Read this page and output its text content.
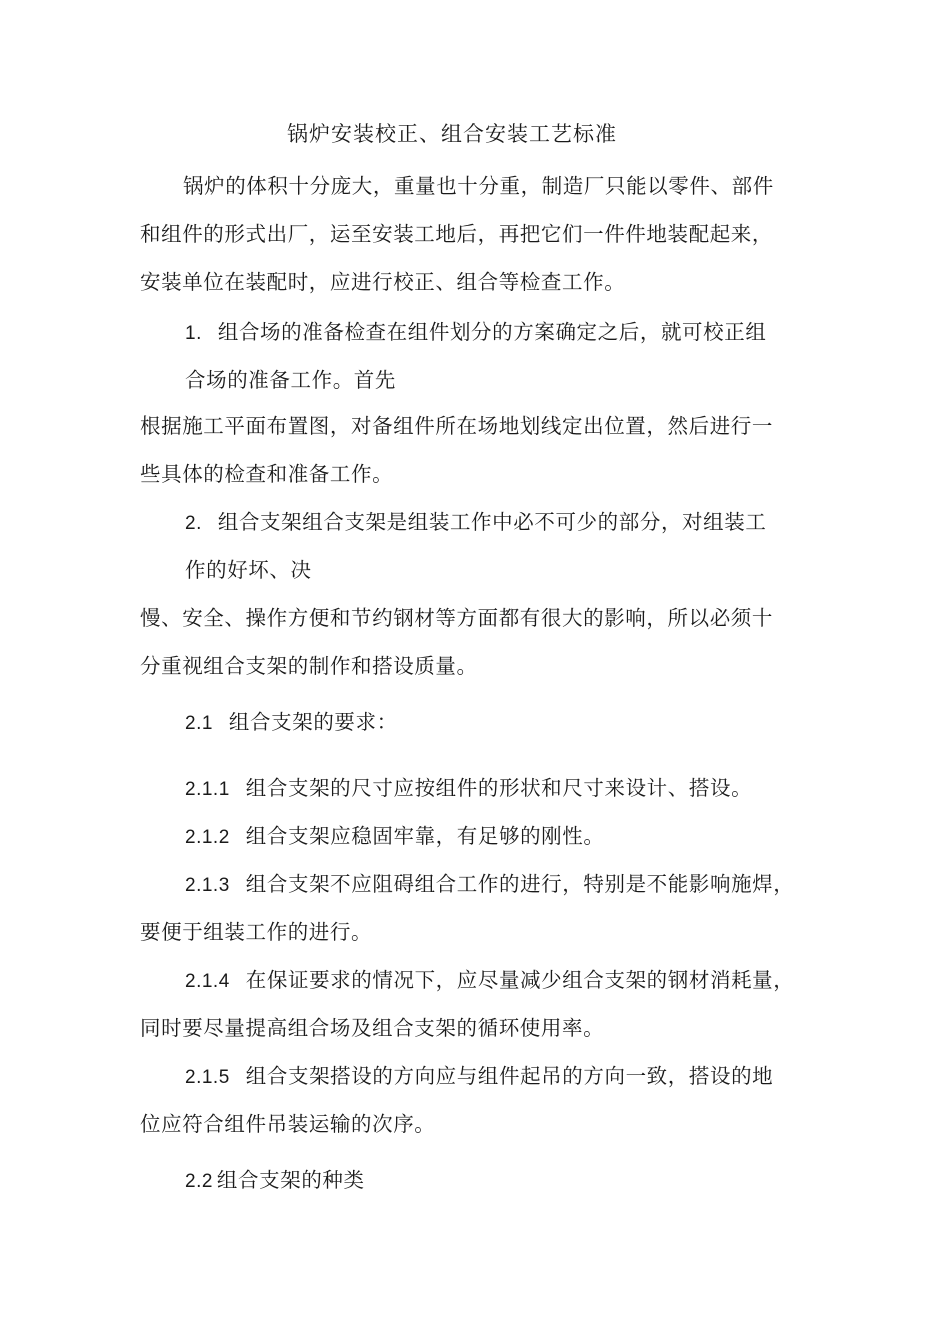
锅炉安装校正、组合安装工艺标准
锅炉的体积十分庞大，重量也十分重，制造厂只能以零件、部件
和组件的形式出厂，运至安装工地后，再把它们一件件地装配起来，
安装单位在装配时，应进行校正、组合等检查工作。
1. 组合场的准备检查在组件划分的方案确定之后，就可校正组
合场的准备工作。首先
根据施工平面布置图，对备组件所在场地划线定出位置，然后进行一
些具体的检查和准备工作。
2. 组合支架组合支架是组装工作中必不可少的部分，对组装工
作的好坏、决
慢、安全、操作方便和节约钢材等方面都有很大的影响，所以必须十
分重视组合支架的制作和搭设质量。
2.1 组合支架的要求：
2.1.1 组合支架的尺寸应按组件的形状和尺寸来设计、搭设。
2.1.2 组合支架应稳固牢靠，有足够的刚性。
2.1.3 组合支架不应阻碍组合工作的进行，特别是不能影响施焊，
要便于组装工作的进行。
2.1.4 在保证要求的情况下，应尽量减少组合支架的钢材消耗量，
同时要尽量提高组合场及组合支架的循环使用率。
2.1.5 组合支架搭设的方向应与组件起吊的方向一致，搭设的地
位应符合组件吊装运输的次序。
2.2 组合支架的种类
